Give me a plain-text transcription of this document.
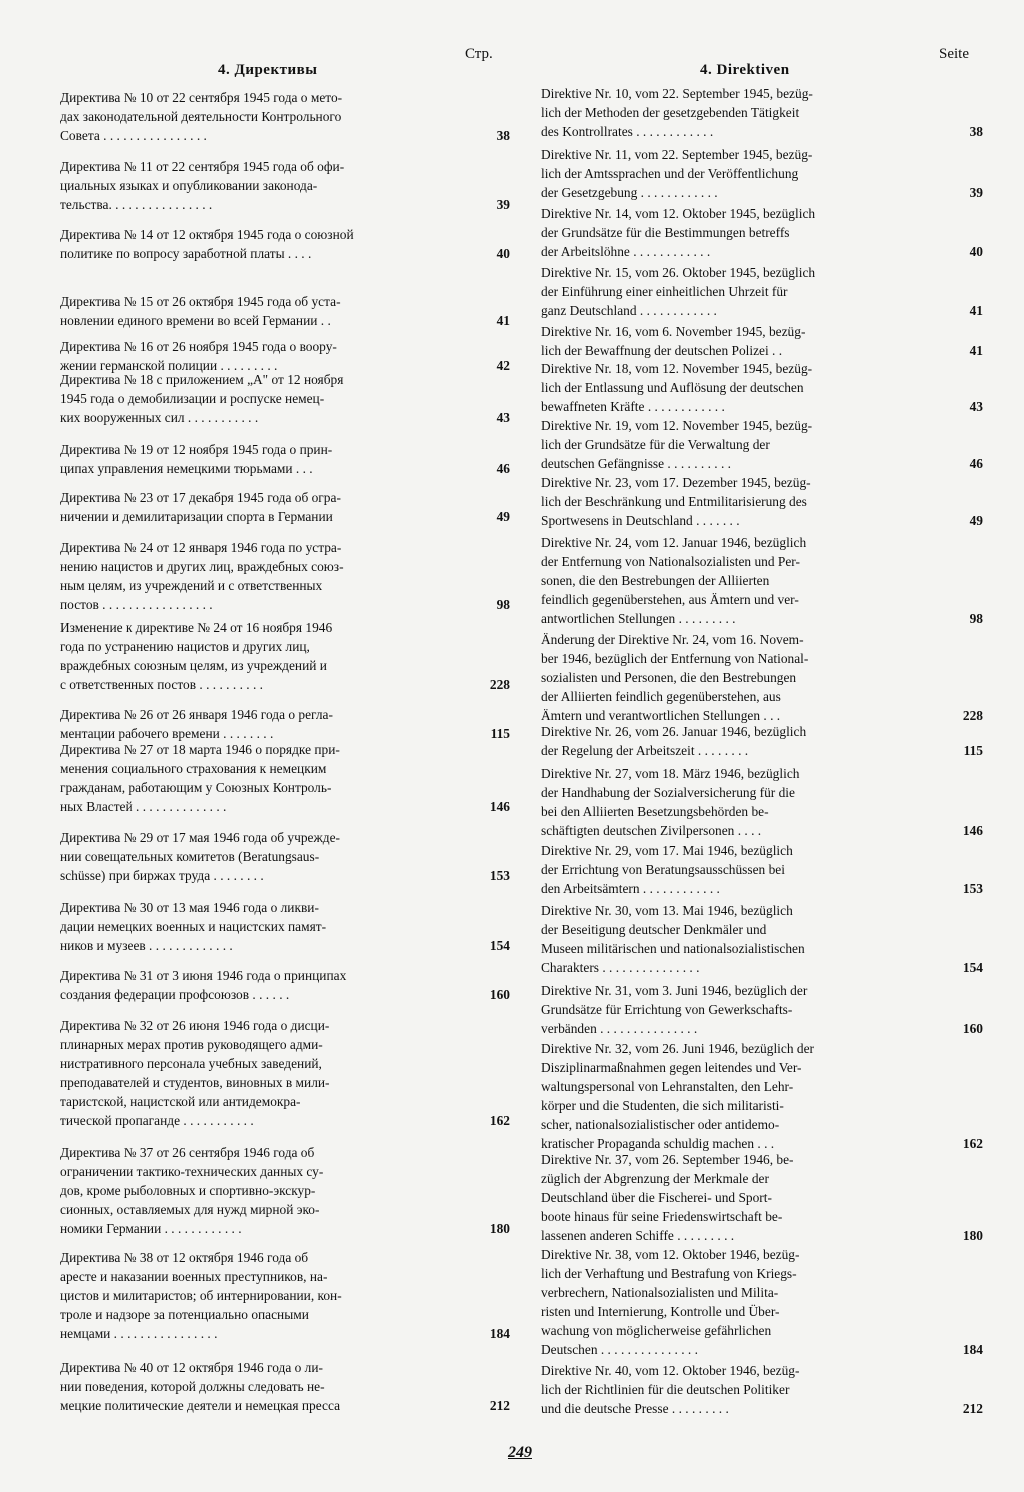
Стр.
4. Директивы
Директива № 10 от 22 сентября 1945 года о мето-
дах законодательной деятельности Контрольного
Совета . . . . . . . . . . . . . . . .	38
Директива № 11 от 22 сентября 1945 года об офи-
циальных языках и опубликовании законода-
тельства. . . . . . . . . . . . . . . .	39
Директива № 14 от 12 октября 1945 года о союзной
политике по вопросу заработной платы . . . .	40
Директива № 15 от 26 октября 1945 года об уста-
новлении единого времени во всей Германии . .	41
Директива № 16 от 26 ноября 1945 года о воору-
жении германской полиции . . . . . . . . .	42
Директива № 18 с приложением „А" от 12 ноября
1945 года о демобилизации и роспуске немец-
ких вооруженных сил . . . . . . . . . . .	43
Директива № 19 от 12 ноября 1945 года о прин-
ципах управления немецкими тюрьмами . . .	46
Директива № 23 от 17 декабря 1945 года об огра-
ничении и демилитаризации спорта в Германии	49
Директива № 24 от 12 января 1946 года по устра-
нению нацистов и других лиц, враждебных союз-
ным целям, из учреждений и с ответственных
постов . . . . . . . . . . . . . . . . .	98
Изменение к директиве № 24 от 16 ноября 1946
года по устранению нацистов и других лиц,
враждебных союзным целям, из учреждений и
с ответственных постов . . . . . . . . . .	228
Директива № 26 от 26 января 1946 года о регла-
ментации рабочего времени . . . . . . . .	115
Директива № 27 от 18 марта 1946 о порядке при-
менения социального страхования к немецким
гражданам, работающим у Союзных Контроль-
ных Властей . . . . . . . . . . . . . .	146
Директива № 29 от 17 мая 1946 года об учрежде-
нии совещательных комитетов (Beratungsaus-
schüsse) при биржах труда . . . . . . . .	153
Директива № 30 от 13 мая 1946 года о ликви-
дации немецких военных и нацистских памят-
ников и музеев . . . . . . . . . . . . .	154
Директива № 31 от 3 июня 1946 года о принципах
создания федерации профсоюзов . . . . . .	160
Директива № 32 от 26 июня 1946 года о дисци-
плинарных мерах против руководящего адми-
нистративного персонала учебных заведений,
преподавателей и студентов, виновных в мили-
таристской, нацистской или антидемокра-
тической пропаганде . . . . . . . . . . .	162
Директива № 37 от 26 сентября 1946 года об
ограничении тактико-технических данных су-
дов, кроме рыболовных и спортивно-экскур-
сионных, оставляемых для нужд мирной эко-
номики Германии . . . . . . . . . . . .	180
Директива № 38 от 12 октября 1946 года об
аресте и наказании военных преступников, на-
цистов и милитаристов; об интернировании, кон-
троле и надзоре за потенциально опасными
немцами . . . . . . . . . . . . . . . .	184
Директива № 40 от 12 октября 1946 года о ли-
нии поведения, которой должны следовать не-
мецкие политические деятели и немецкая пресса	212
Seite
4. Direktiven
Direktive Nr. 10, vom 22. September 1945, bezüg-
lich der Methoden der gesetzgebenden Tätigkeit
des Kontrollrates . . . . . . . . . . . .	38
Direktive Nr. 11, vom 22. September 1945, bezüg-
lich der Amtssprachen und der Veröffentlichung
der Gesetzgebung . . . . . . . . . . . .	39
Direktive Nr. 14, vom 12. Oktober 1945, bezüglich
der Grundsätze für die Bestimmungen betreffs
der Arbeitslöhne . . . . . . . . . . . .	40
Direktive Nr. 15, vom 26. Oktober 1945, bezüglich
der Einführung einer einheitlichen Uhrzeit für
ganz Deutschland . . . . . . . . . . . .	41
Direktive Nr. 16, vom 6. November 1945, bezüg-
lich der Bewaffnung der deutschen Polizei . .	41
Direktive Nr. 18, vom 12. November 1945, bezüg-
lich der Entlassung und Auflösung der deutschen
bewaffneten Kräfte . . . . . . . . . . . .	43
Direktive Nr. 19, vom 12. November 1945, bezüg-
lich der Grundsätze für die Verwaltung der
deutschen Gefängnisse . . . . . . . . . .	46
Direktive Nr. 23, vom 17. Dezember 1945, bezüg-
lich der Beschränkung und Entmilitarisierung des
Sportwesens in Deutschland . . . . . . .	49
Direktive Nr. 24, vom 12. Januar 1946, bezüglich
der Entfernung von Nationalsozialisten und Per-
sonen, die den Bestrebungen der Alliierten
feindlich gegenüberstehen, aus Ämtern und ver-
antwortlichen Stellungen . . . . . . . . .	98
Änderung der Direktive Nr. 24, vom 16. Novem-
ber 1946, bezüglich der Entfernung von National-
sozialisten und Personen, die den Bestrebungen
der Alliierten feindlich gegenüberstehen, aus
Ämtern und verantwortlichen Stellungen . . .	228
Direktive Nr. 26, vom 26. Januar 1946, bezüglich
der Regelung der Arbeitszeit . . . . . . . .	115
Direktive Nr. 27, vom 18. März 1946, bezüglich
der Handhabung der Sozialversicherung für die
bei den Alliierten Besetzungsbehörden be-
schäftigten deutschen Zivilpersonen . . . .	146
Direktive Nr. 29, vom 17. Mai 1946, bezüglich
der Errichtung von Beratungsausschüssen bei
den Arbeitsämtern . . . . . . . . . . . .	153
Direktive Nr. 30, vom 13. Mai 1946, bezüglich
der Beseitigung deutscher Denkmäler und
Museen militärischen und nationalsozialistischen
Charakters . . . . . . . . . . . . . . .	154
Direktive Nr. 31, vom 3. Juni 1946, bezüglich der
Grundsätze für Errichtung von Gewerkschafts-
verbänden . . . . . . . . . . . . . . .	160
Direktive Nr. 32, vom 26. Juni 1946, bezüglich der
Disziplinarmaßnahmen gegen leitendes und Ver-
waltungspersonal von Lehranstalten, den Lehr-
körper und die Studenten, die sich militaristi-
scher, nationalsozialistischer oder antidemo-
kratischer Propaganda schuldig machen . . .	162
Direktive Nr. 37, vom 26. September 1946, be-
züglich der Abgrenzung der Merkmale der
Deutschland über die Fischerei- und Sport-
boote hinaus für seine Friedenswirtschaft be-
lassenen anderen Schiffe . . . . . . . . .	180
Direktive Nr. 38, vom 12. Oktober 1946, bezüg-
lich der Verhaftung und Bestrafung von Kriegs-
verbrechern, Nationalsozialisten und Milita-
risten und Internierung, Kontrolle und Über-
wachung von möglicherweise gefährlichen
Deutschen . . . . . . . . . . . . . . .	184
Direktive Nr. 40, vom 12. Oktober 1946, bezüg-
lich der Richtlinien für die deutschen Politiker
und die deutsche Presse . . . . . . . . .	212
249
